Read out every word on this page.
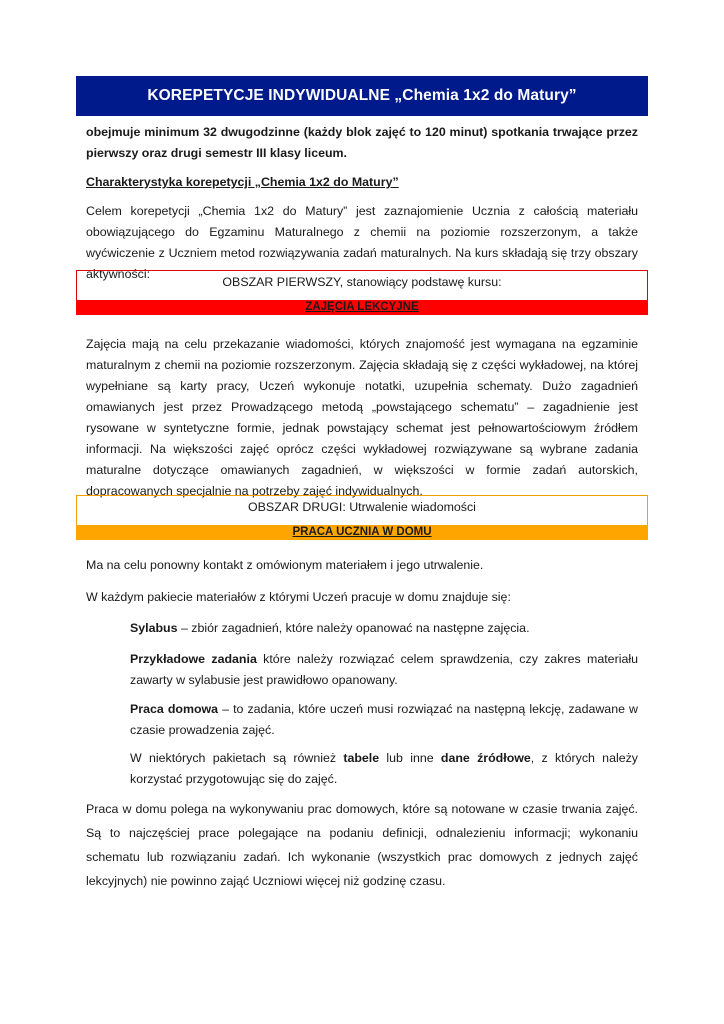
KOREPETYCJE INDYWIDUALNE „Chemia 1x2 do Matury”
obejmuje minimum 32 dwugodzinne (każdy blok zajęć to 120 minut) spotkania trwające przez pierwszy oraz drugi semestr III klasy liceum.
Charakterystyka korepetycji „Chemia 1x2 do Matury”
Celem korepetycji „Chemia 1x2 do Matury” jest zaznajomienie Ucznia z całością materiału obowiązującego do Egzaminu Maturalnego z chemii na poziomie rozszerzonym, a także wyćwiczenie z Uczniem metod rozwiązywania zadań maturalnych. Na kurs składają się trzy obszary aktywności:
OBSZAR PIERWSZY, stanowiący podstawę kursu:
ZAJĘCIA LEKCYJNE
Zajęcia mają na celu przekazanie wiadomości, których znajomość jest wymagana na egzaminie maturalnym z chemii na poziomie rozszerzonym. Zajęcia składają się z części wykładowej, na której wypełniane są karty pracy, Uczeń wykonuje notatki, uzupełnia schematy. Dużo zagadnień omawianych jest przez Prowadzącego metodą „powstającego schematu” – zagadnienie jest rysowane w syntetyczne formie, jednak powstający schemat jest pełnowartościowym źródłem informacji. Na większości zajęć oprócz części wykładowej rozwiązywane są wybrane zadania maturalne dotyczące omawianych zagadnień, w większości w formie zadań autorskich, dopracowanych specjalnie na potrzeby zajęć indywidualnych.
OBSZAR DRUGI: Utrwalenie wiadomości
PRACA UCZNIA W DOMU
Ma na celu ponowny kontakt z omówionym materiałem i jego utrwalenie.
W każdym pakiecie materiałów z którymi Uczeń pracuje w domu znajduje się:
Sylabus – zbiór zagadnień, które należy opanować na następne zajęcia.
Przykładowe zadania które należy rozwiązać celem sprawdzenia, czy zakres materiału zawarty w sylabusie jest prawidłowo opanowany.
Praca domowa – to zadania, które uczeń musi rozwiązać na następną lekcję, zadawane w czasie prowadzenia zajęć.
W niektórych pakietach są również tabele lub inne dane źródłowe, z których należy korzystać przygotowując się do zajęć.
Praca w domu polega na wykonywaniu prac domowych, które są notowane w czasie trwania zajęć. Są to najczęściej prace polegające na podaniu definicji, odnalezieniu informacji; wykonaniu schematu lub rozwiązaniu zadań. Ich wykonanie (wszystkich prac domowych z jednych zajęć lekcyjnych) nie powinno zająć Uczniowi więcej niż godzinę czasu.
